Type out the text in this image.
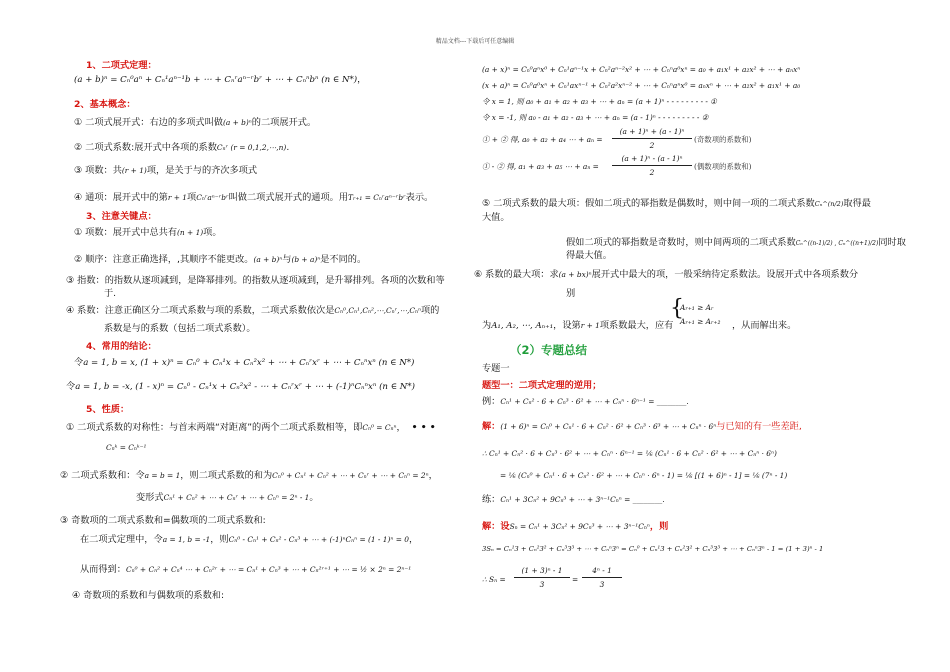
精品文档---下载后可任意编辑
1、二项式定理：
(a + b)ⁿ = Cₙ⁰aⁿ + Cₙ¹aⁿ⁻¹b + ⋯ + Cₙʳaⁿ⁻ʳbʳ + ⋯ + Cₙⁿbⁿ (n ∈ N*)，
2、基本概念：
① 二项式展开式：右边的多项式叫做(a + b)ⁿ的二项展开式。
② 二项式系数:展开式中各项的系数Cₙʳ (r = 0,1,2,⋯,n).
③ 项数：共(r + 1)项，是关于与的齐次多项式
④ 通项：展开式中的第r + 1项Cₙʳaⁿ⁻ʳbʳ叫做二项式展开式的通项。用Tᵣ₊₁ = Cₙʳaⁿ⁻ʳbʳ表示。
3、注意关键点：
① 项数：展开式中总共有(n + 1)项。
② 顺序：注意正确选择，,其顺序不能更改。(a + b)ⁿ与(b + a)ⁿ是不同的。
③ 指数：的指数从逐项减到，是降幂排列。的指数从逐项减到，是升幂排列。各项的次数和等
于.
④ 系数：注意正确区分二项式系数与项的系数，二项式系数依次是Cₙ⁰,Cₙ¹,Cₙ²,⋯,Cₙʳ,⋯,Cₙⁿ项的
系数是与的系数（包括二项式系数）。
4、常用的结论：
令a = 1, b = x, (1 + x)ⁿ = Cₙ⁰ + Cₙ¹x + Cₙ²x² + ⋯ + Cₙʳxʳ + ⋯ + Cₙⁿxⁿ (n ∈ N*)
令a = 1, b = -x, (1 - x)ⁿ = Cₙ⁰ - Cₙ¹x + Cₙ²x² - ⋯ + Cₙʳxʳ + ⋯ + (-1)ⁿCₙⁿxⁿ (n ∈ N*)
5、性质：
① 二项式系数的对称性：与首末两端“对距离”的两个二项式系数相等，即Cₙ⁰ = Cₙⁿ， • • •
Cₙᵏ = Cₙᵏ⁻¹
② 二项式系数和：令a = b = 1，则二项式系数的和为Cₙ⁰ + Cₙ¹ + Cₙ² + ⋯ + Cₙʳ + ⋯ + Cₙⁿ = 2ⁿ，
变形式Cₙ¹ + Cₙ² + ⋯ + Cₙʳ + ⋯ + Cₙⁿ = 2ⁿ - 1。
③ 奇数项的二项式系数和=偶数项的二项式系数和:
在二项式定理中，令a = 1, b = -1，则Cₙ⁰ - Cₙ¹ + Cₙ² - Cₙ³ + ⋯ + (-1)ⁿCₙⁿ = (1 - 1)ⁿ = 0，
从而得到：Cₙ⁰ + Cₙ² + Cₙ⁴ ⋯ + Cₙ²ʳ + ⋯ = Cₙ¹ + Cₙ³ + ⋯ + Cₙ²ʳ⁺¹ + ⋯ = ½ × 2ⁿ = 2ⁿ⁻¹
④ 奇数项的系数和与偶数项的系数和:
(a + x)ⁿ = Cₙ⁰aⁿx⁰ + Cₙ¹aⁿ⁻¹x + Cₙ²aⁿ⁻²x² + ⋯ + Cₙⁿa⁰xⁿ = a₀ + a₁x¹ + a₂x² + ⋯ + aₙxⁿ
(x + a)ⁿ = Cₙ⁰a⁰xⁿ + Cₙ¹axⁿ⁻¹ + Cₙ²a²xⁿ⁻² + ⋯ + Cₙⁿaⁿx⁰ = aₙxⁿ + ⋯ + a₂x² + a₁x¹ + a₀
令 x = 1, 则 a₀ + a₁ + a₂ + a₃ + ⋯ + aₙ = (a + 1)ⁿ - - - - - - - - - ①
令 x = -1, 则 a₀ - a₁ + a₂ - a₃ + ⋯ + aₙ = (a - 1)ⁿ - - - - - - - - - ②
① + ② 得, a₀ + a₂ + a₄ ⋯ + aₙ =
(a + 1)ⁿ + (a - 1)ⁿ
2
(奇数项的系数和)
① - ② 得, a₁ + a₃ + a₅ ⋯ + aₙ =
(a + 1)ⁿ - (a - 1)ⁿ
2
(偶数项的系数和)
⑤ 二项式系数的最大项：假如二项式的幂指数是偶数时，则中间一项的二项式系数Cₙ^(n/2)取得最
大值。
假如二项式的幂指数是奇数时，则中间两项的二项式系数Cₙ^((n-1)/2) , Cₙ^((n+1)/2)同时取
得最大值。
⑥ 系数的最大项：求(a + bx)ⁿ展开式中最大的项，一般采纳待定系数法。设展开式中各项系数分
别
为A₁, A₂, ⋯, Aₙ₊₁，设第r + 1项系数最大，应有
{
Aᵣ₊₁ ≥ Aᵣ
Aᵣ₊₁ ≥ Aᵣ₊₂ ，从而解出来。
（2）专题总结
专题一
题型一：二项式定理的逆用；
例：Cₙ¹ + Cₙ² · 6 + Cₙ³ · 6² + ⋯ + Cₙⁿ · 6ⁿ⁻¹ = ________.
解：(1 + 6)ⁿ = Cₙ⁰ + Cₙ¹ · 6 + Cₙ² · 6² + Cₙ³ · 6³ + ⋯ + Cₙⁿ · 6ⁿ与已知的有一些差距,
∴ Cₙ¹ + Cₙ² · 6 + Cₙ³ · 6² + ⋯ + Cₙⁿ · 6ⁿ⁻¹ = ⅙ (Cₙ¹ · 6 + Cₙ² · 6² + ⋯ + Cₙⁿ · 6ⁿ)
= ⅙ (Cₙ⁰ + Cₙ¹ · 6 + Cₙ² · 6² + ⋯ + Cₙⁿ · 6ⁿ - 1) = ⅙ [(1 + 6)ⁿ - 1] = ⅙ (7ⁿ - 1)
练：Cₙ¹ + 3Cₙ² + 9Cₙ³ + ⋯ + 3ⁿ⁻¹Cₙⁿ = ________.
解：设Sₙ = Cₙ¹ + 3Cₙ² + 9Cₙ³ + ⋯ + 3ⁿ⁻¹Cₙⁿ，则
3Sₙ = Cₙ¹3 + Cₙ²3² + Cₙ³3³ + ⋯ + Cₙⁿ3ⁿ = Cₙ⁰ + Cₙ¹3 + Cₙ²3² + Cₙ³3³ + ⋯ + Cₙⁿ3ⁿ - 1 = (1 + 3)ⁿ - 1
∴ Sₙ =
(1 + 3)ⁿ - 1
3
=
4ⁿ - 1
3
